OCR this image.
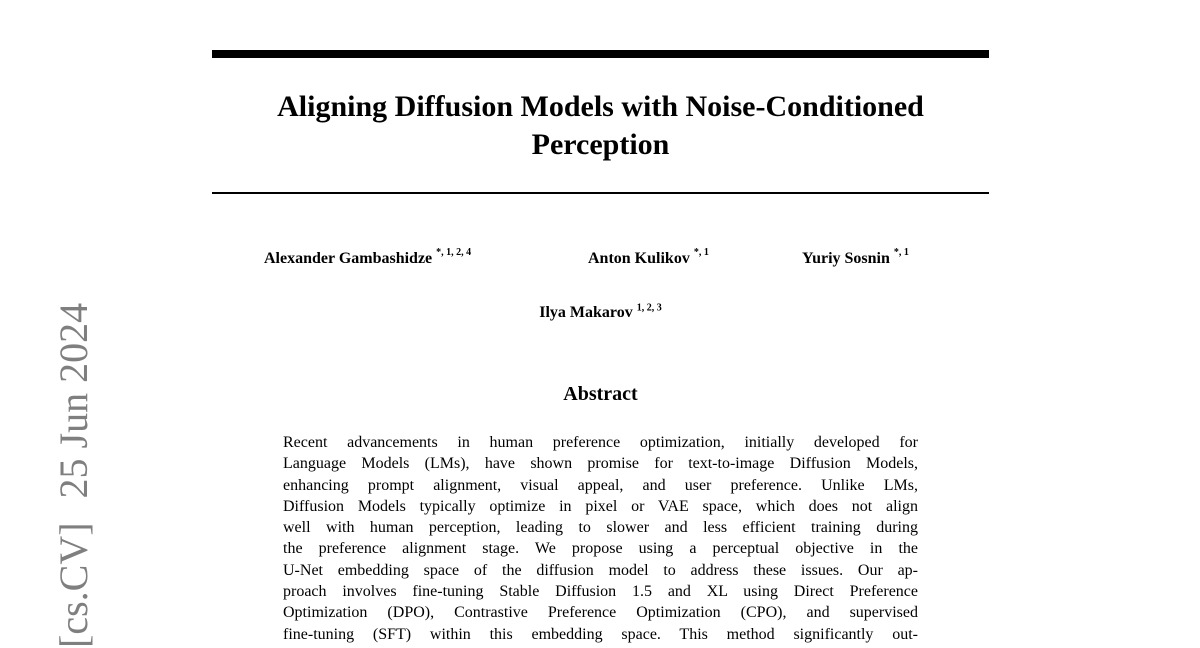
Aligning Diffusion Models with Noise-Conditioned
Perception
Alexander Gambashidze $^{*, 1, 2, 4}$	Anton Kulikov $^{*, 1}$	Yuriy Sosnin $^{*, 1}$
Ilya Makarov $^{1, 2, 3}$
Abstract
Recent advancements in human preference optimization, initially developed for
Language Models (LMs), have shown promise for text-to-image Diffusion Models,
enhancing prompt alignment, visual appeal, and user preference. Unlike LMs,
Diffusion Models typically optimize in pixel or VAE space, which does not align
well with human perception, leading to slower and less efficient training during
the preference alignment stage. We propose using a perceptual objective in the
U-Net embedding space of the diffusion model to address these issues. Our ap-
proach involves fine-tuning Stable Diffusion 1.5 and XL using Direct Preference
Optimization (DPO), Contrastive Preference Optimization (CPO), and supervised
fine-tuning (SFT) within this embedding space. This method significantly out-
[cs.CV]25 Jun 2024
